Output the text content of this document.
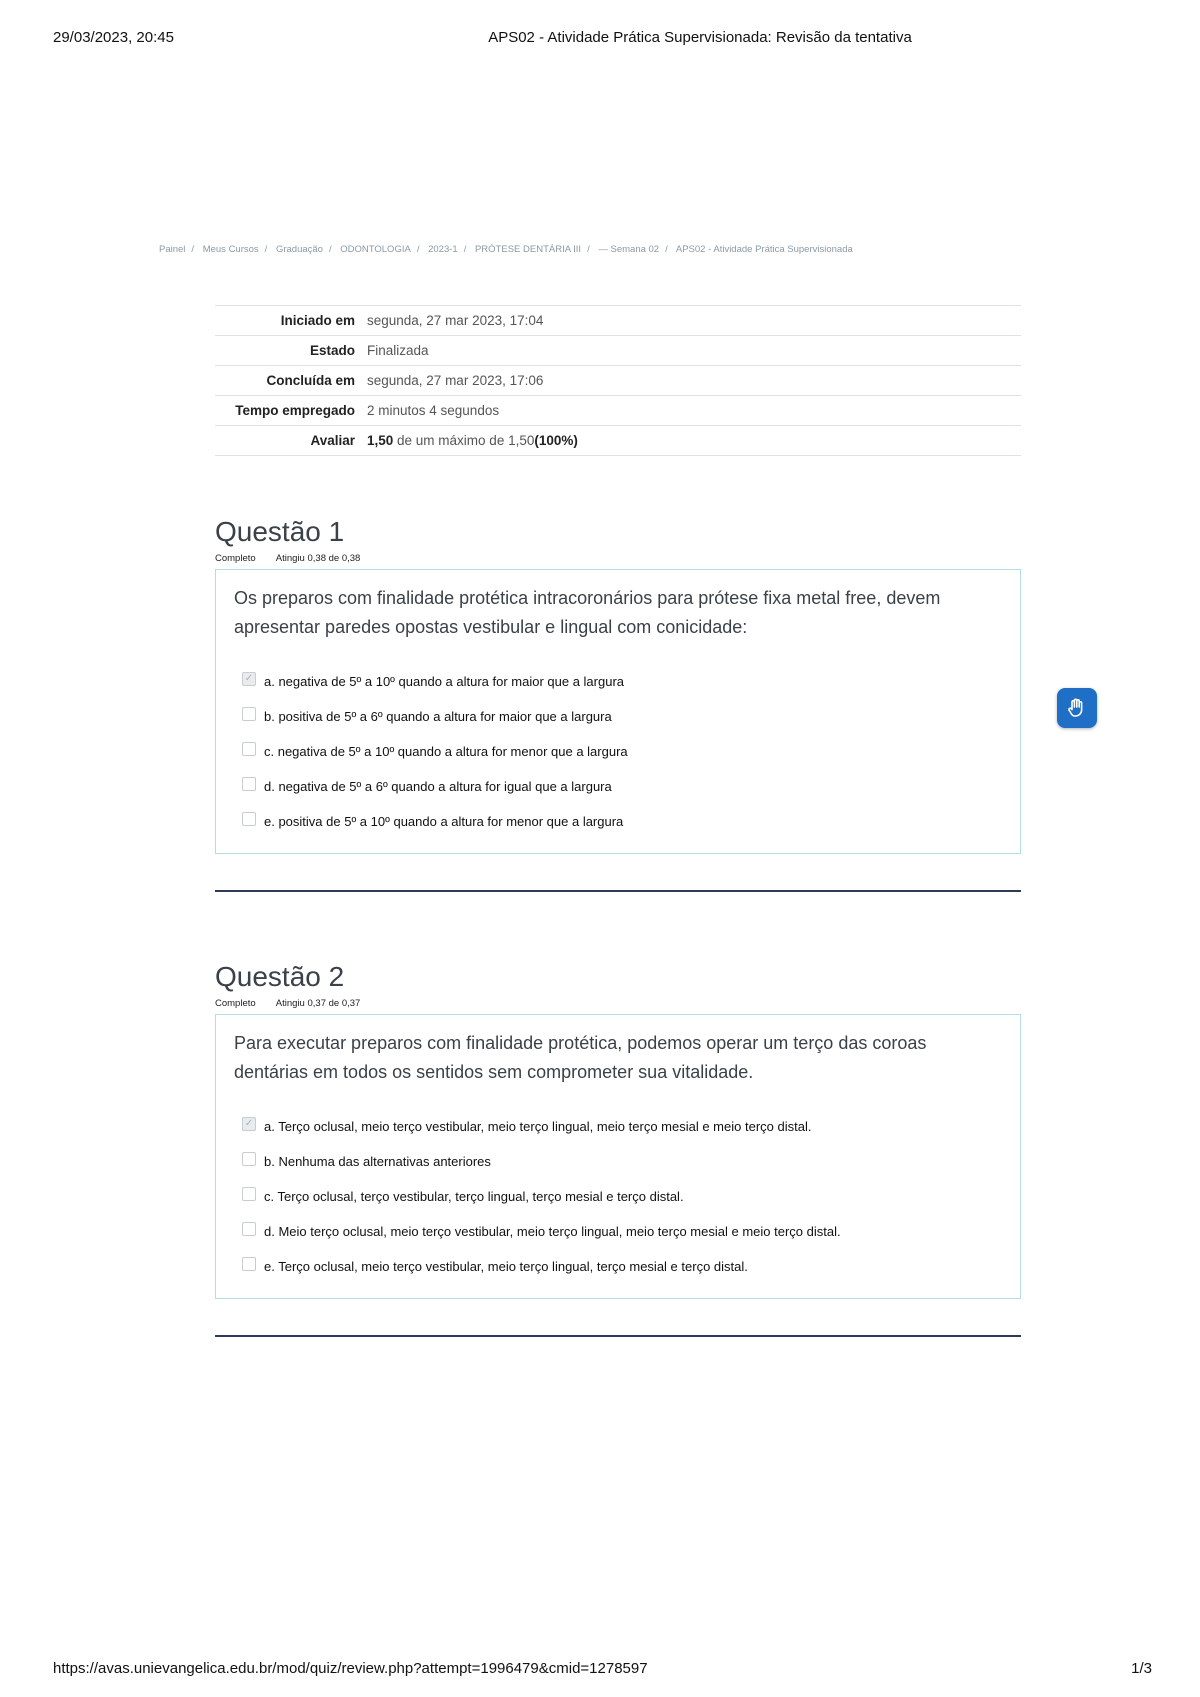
29/03/2023, 20:45	APS02 - Atividade Prática Supervisionada: Revisão da tentativa
Painel / Meus Cursos / Graduação / ODONTOLOGIA / 2023-1 / PRÓTESE DENTÁRIA III / — Semana 02 / APS02 - Atividade Prática Supervisionada
Iniciado em	segunda, 27 mar 2023, 17:04
Estado	Finalizada
Concluída em	segunda, 27 mar 2023, 17:06
Tempo empregado	2 minutos 4 segundos
Avaliar	1,50 de um máximo de 1,50(100%)
Questão 1
Completo Atingiu 0,38 de 0,38
Os preparos com finalidade protética intracoronários para prótese fixa metal free, devem apresentar paredes opostas vestibular e lingual com conicidade:
✓ a. negativa de 5º a 10º quando a altura for maior que a largura
b. positiva de 5º a 6º quando a altura for maior que a largura
c. negativa de 5º a 10º quando a altura for menor que a largura
d. negativa de 5º a 6º quando a altura for igual que a largura
e. positiva de 5º a 10º quando a altura for menor que a largura
Questão 2
Completo Atingiu 0,37 de 0,37
Para executar preparos com finalidade protética, podemos operar um terço das coroas dentárias em todos os sentidos sem comprometer sua vitalidade.
✓ a. Terço oclusal, meio terço vestibular, meio terço lingual, meio terço mesial e meio terço distal.
b. Nenhuma das alternativas anteriores
c. Terço oclusal, terço vestibular, terço lingual, terço mesial e terço distal.
d. Meio terço oclusal, meio terço vestibular, meio terço lingual, meio terço mesial e meio terço distal.
e. Terço oclusal, meio terço vestibular, meio terço lingual, terço mesial e terço distal.
https://avas.unievangelica.edu.br/mod/quiz/review.php?attempt=1996479&cmid=1278597	1/3
